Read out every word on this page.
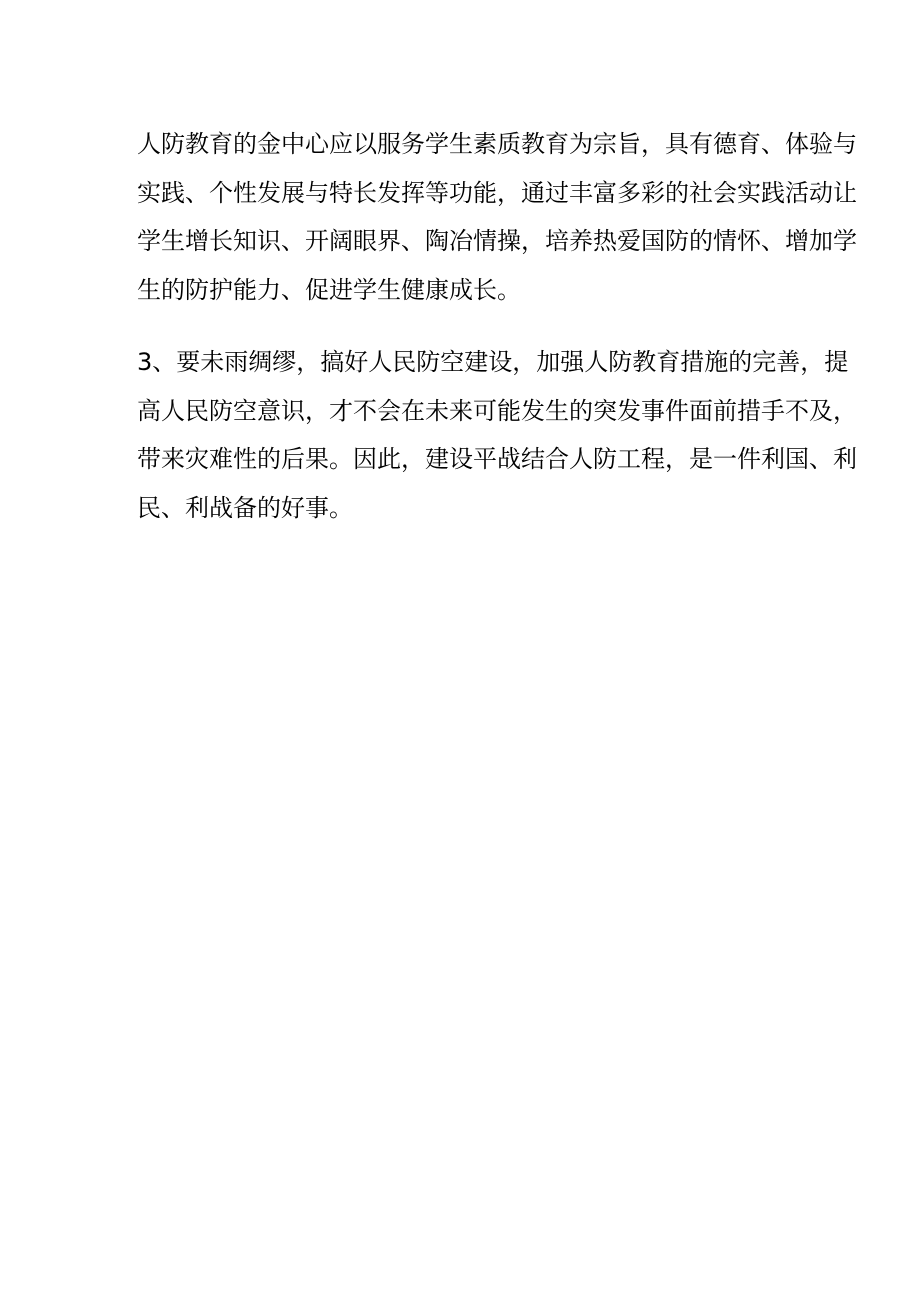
人防教育的金中心应以服务学生素质教育为宗旨，具有德育、体验与
实践、个性发展与特长发挥等功能，通过丰富多彩的社会实践活动让
学生增长知识、开阔眼界、陶冶情操，培养热爱国防的情怀、增加学
生的防护能力、促进学生健康成长。
3、要未雨绸缪，搞好人民防空建设，加强人防教育措施的完善，提
高人民防空意识，才不会在未来可能发生的突发事件面前措手不及，
带来灾难性的后果。因此，建设平战结合人防工程，是一件利国、利
民、利战备的好事。
